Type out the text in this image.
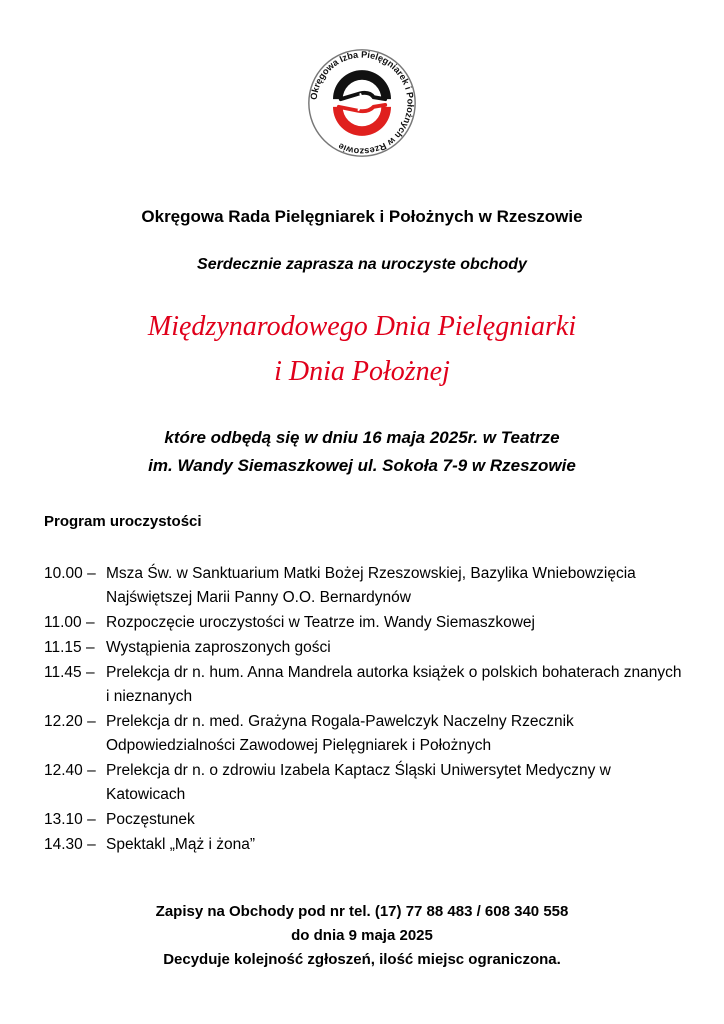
Okręgowa Izba Pielęgniarek i Położnych w Rzeszowie
Okręgowa Rada Pielęgniarek i Położnych w Rzeszowie
Serdecznie zaprasza na uroczyste obchody
Międzynarodowego Dnia Pielęgniarki
i Dnia Położnej
które odbędą się w dniu 16 maja 2025r. w Teatrze
im. Wandy Siemaszkowej ul. Sokoła 7-9 w Rzeszowie
Program uroczystości
10.00 – Msza Św. w Sanktuarium Matki Bożej Rzeszowskiej, Bazylika Wniebowzięcia Najświętszej Marii Panny O.O. Bernardynów
11.00 – Rozpoczęcie uroczystości w Teatrze im. Wandy Siemaszkowej
11.15 – Wystąpienia zaproszonych gości
11.45 – Prelekcja dr n. hum. Anna Mandrela autorka książek o polskich bohaterach znanych i nieznanych
12.20 – Prelekcja dr n. med. Grażyna Rogala-Pawelczyk Naczelny Rzecznik Odpowiedzialności Zawodowej Pielęgniarek i Położnych
12.40 – Prelekcja dr n. o zdrowiu Izabela Kaptacz Śląski Uniwersytet Medyczny w Katowicach
13.10 – Poczęstunek
14.30 – Spektakl „Mąż i żona”
Zapisy na Obchody pod nr tel. (17) 77 88 483 / 608 340 558
do dnia 9 maja 2025
Decyduje kolejność zgłoszeń, ilość miejsc ograniczona.
